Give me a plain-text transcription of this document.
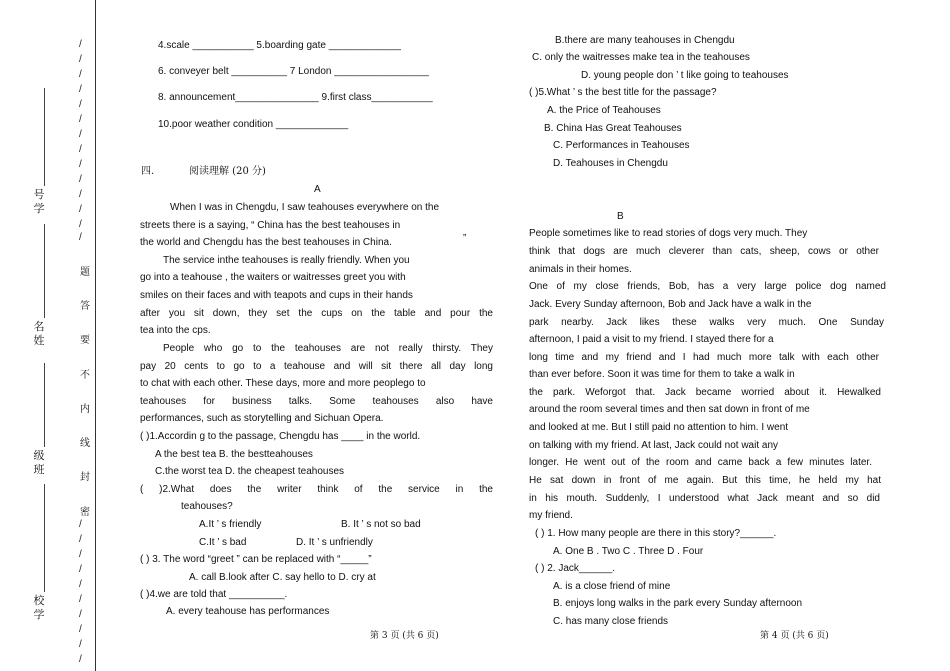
/
/
/
/
/
/
/
/
/
/
/
/
/
/
题
答
要
不
内
线
封
密
/
/
/
/
/
/
/
/
/
/
号学
名姓
级班
校学
4.scale ___________ 5.boarding gate _____________
6. conveyer belt __________ 7 London _________________
8. announcement_______________ 9.first class___________
10.poor weather condition _____________
四.	阅读理解 (20 分)
A
When I was in Chengdu, I saw teahouses everywhere on the
streets there is a saying, “ China has the best teahouses in
the world and Chengdu has the best teahouses in China.	”
The service inthe teahouses is really friendly. When you
go into a teahouse , the waiters or waitresses greet you with
smiles on their faces and with teapots and cups in their hands
after you sit down, they set the cups on the table and pour the
tea into the cps.
People who go to the teahouses are not really thirsty. They
pay 20 cents to go to a teahouse and will sit there all day long
to chat with each other. These days, more and more peoplego to
teahouses for business talks. Some teahouses also have
performances, such as storytelling and Sichuan Opera.
( )1.Accordin g to the passage, Chengdu has ____ in the world.
A the best tea B. the bestteahouses
C.the worst tea D. the cheapest teahouses
( )2.What does the writer think of the service in the
teahouses?
A.It ’ s friendly	B. It ’ s not so bad
C.It ’ s bad	D. It ’ s unfriendly
( ) 3. The word “greet ” can be replaced with “_____”
A. call B.look after C. say hello to D. cry at
( )4.we are told that __________.
A. every teahouse has performances
第 3 页 (共 6 页)
B.there are many teahouses in Chengdu
C. only the waitresses make tea in the teahouses
D. young people don ’ t like going to teahouses
( )5.What ’ s the best title for the passage?
A. the Price of Teahouses
B. China Has Great Teahouses
C. Performances in Teahouses
D. Teahouses in Chengdu
B
People sometimes like to read stories of dogs very much. They
think that dogs are much cleverer than cats, sheep, cows or other
animals in their homes.
One of my close friends, Bob, has a very large police dog named
Jack. Every Sunday afternoon, Bob and Jack have a walk in the
park nearby. Jack likes these walks very much. One Sunday
afternoon, I paid a visit to my friend. I stayed there for a
long time and my friend and I had much more talk with each other
than ever before. Soon it was time for them to take a walk in
the park. Weforgot that. Jack became worried about it. Hewalked
around the room several times and then sat down in front of me
and looked at me. But I still paid no attention to him. I went
on talking with my friend. At last, Jack could not wait any
longer. He went out of the room and came back a few minutes later.
He sat down in front of me again. But this time, he held my hat
in his mouth. Suddenly, I understood what Jack meant and so did
my friend.
( ) 1. How many people are there in this story?______.
A. One B . Two C . Three D . Four
( ) 2. Jack______.
A. is a close friend of mine
B. enjoys long walks in the park every Sunday afternoon
C. has many close friends
第 4 页 (共 6 页)
